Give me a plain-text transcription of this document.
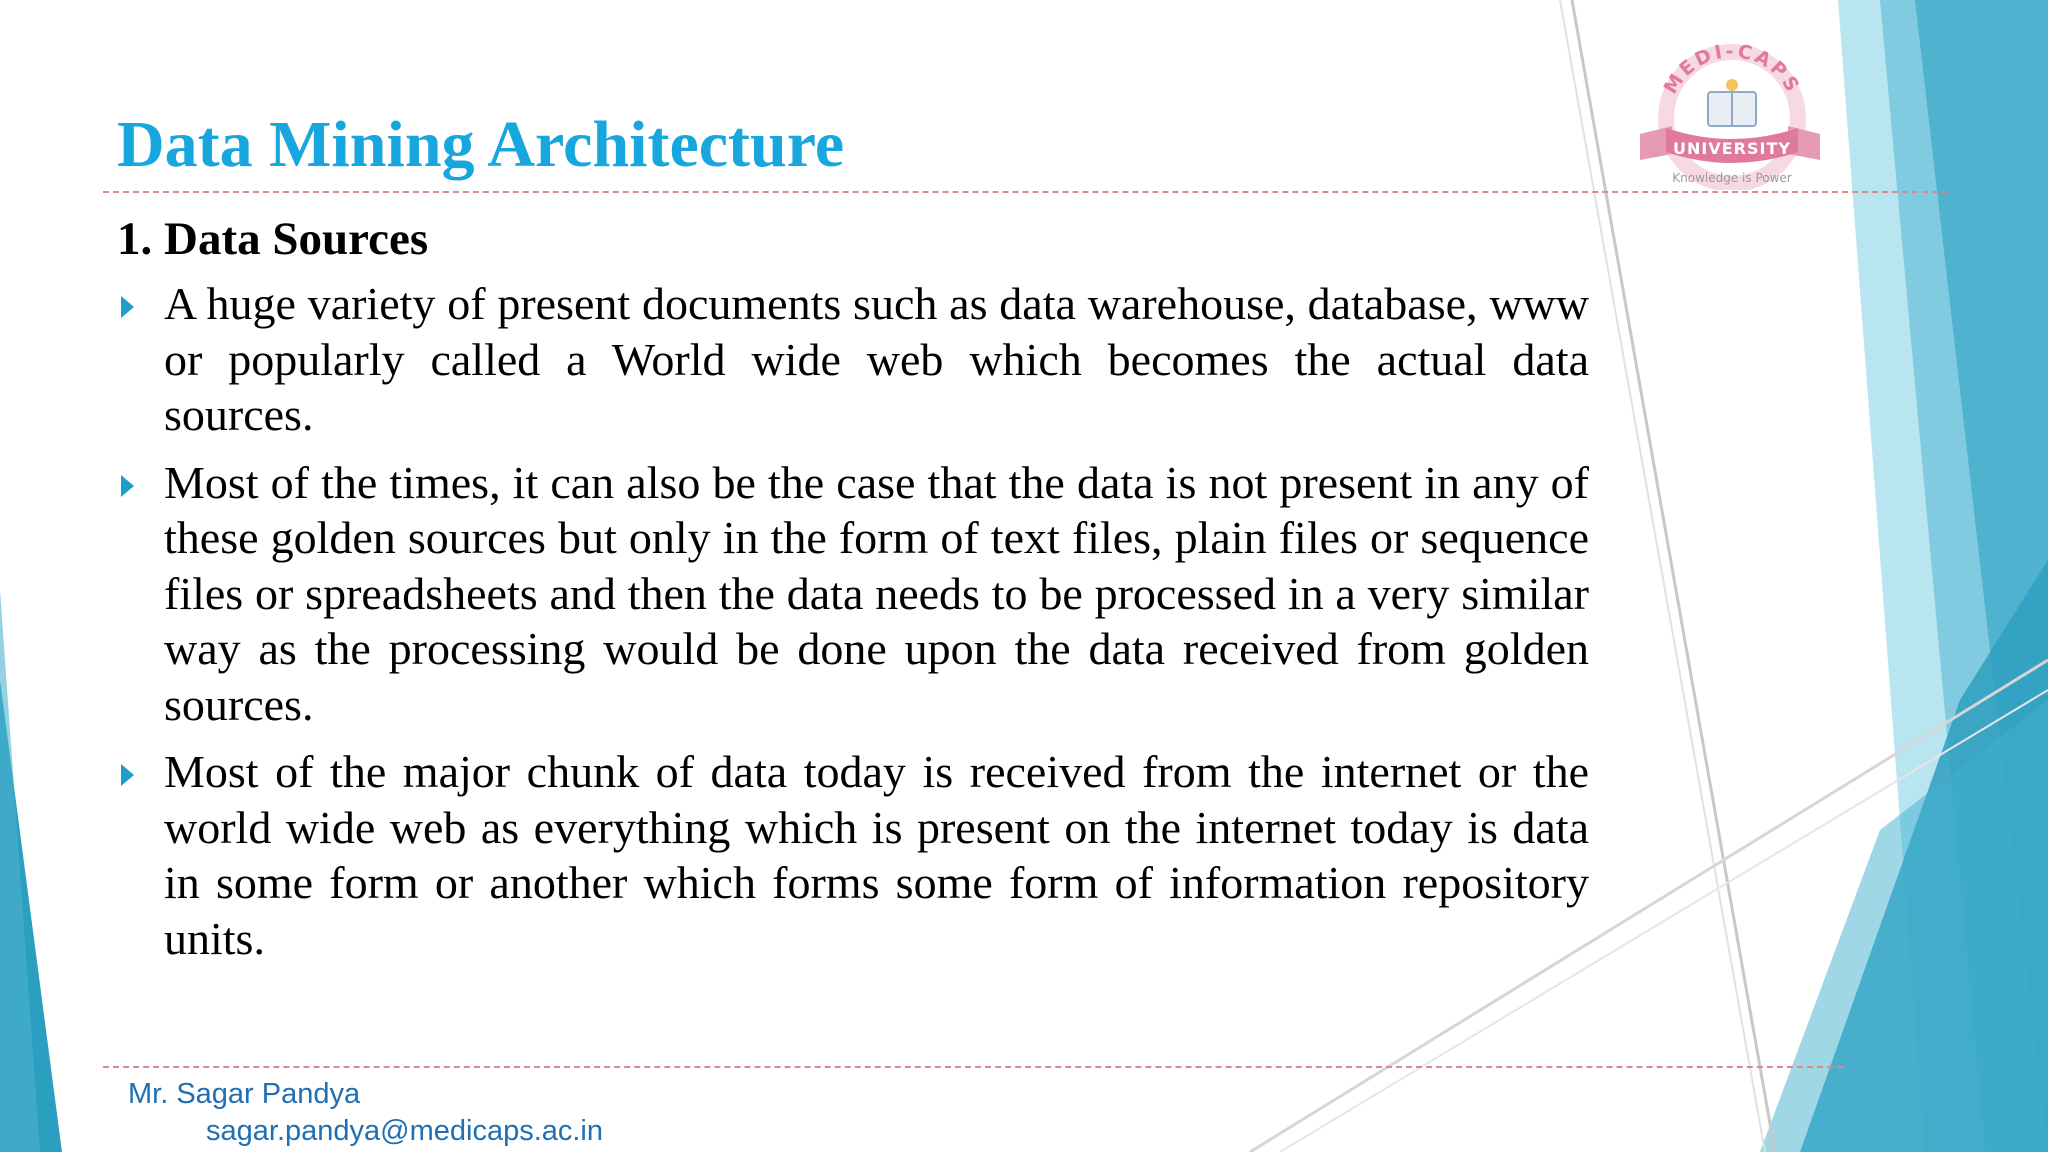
Data Mining Architecture
1. Data Sources
A huge variety of present documents such as data warehouse, database, www or popularly called a World wide web which becomes the actual data sources.
Most of the times, it can also be the case that the data is not present in any of these golden sources but only in the form of text files, plain files or sequence files or spreadsheets and then the data needs to be processed in a very similar way as the processing would be done upon the data received from golden sources.
Most of the major chunk of data today is received from the internet or the world wide web as everything which is present on the internet today is data in some form or another which forms some form of information repository units.
MEDI-CAPS
UNIVERSITY
Knowledge is Power

Mr. Sagar Pandya

sagar.pandya@medicaps.ac.in
